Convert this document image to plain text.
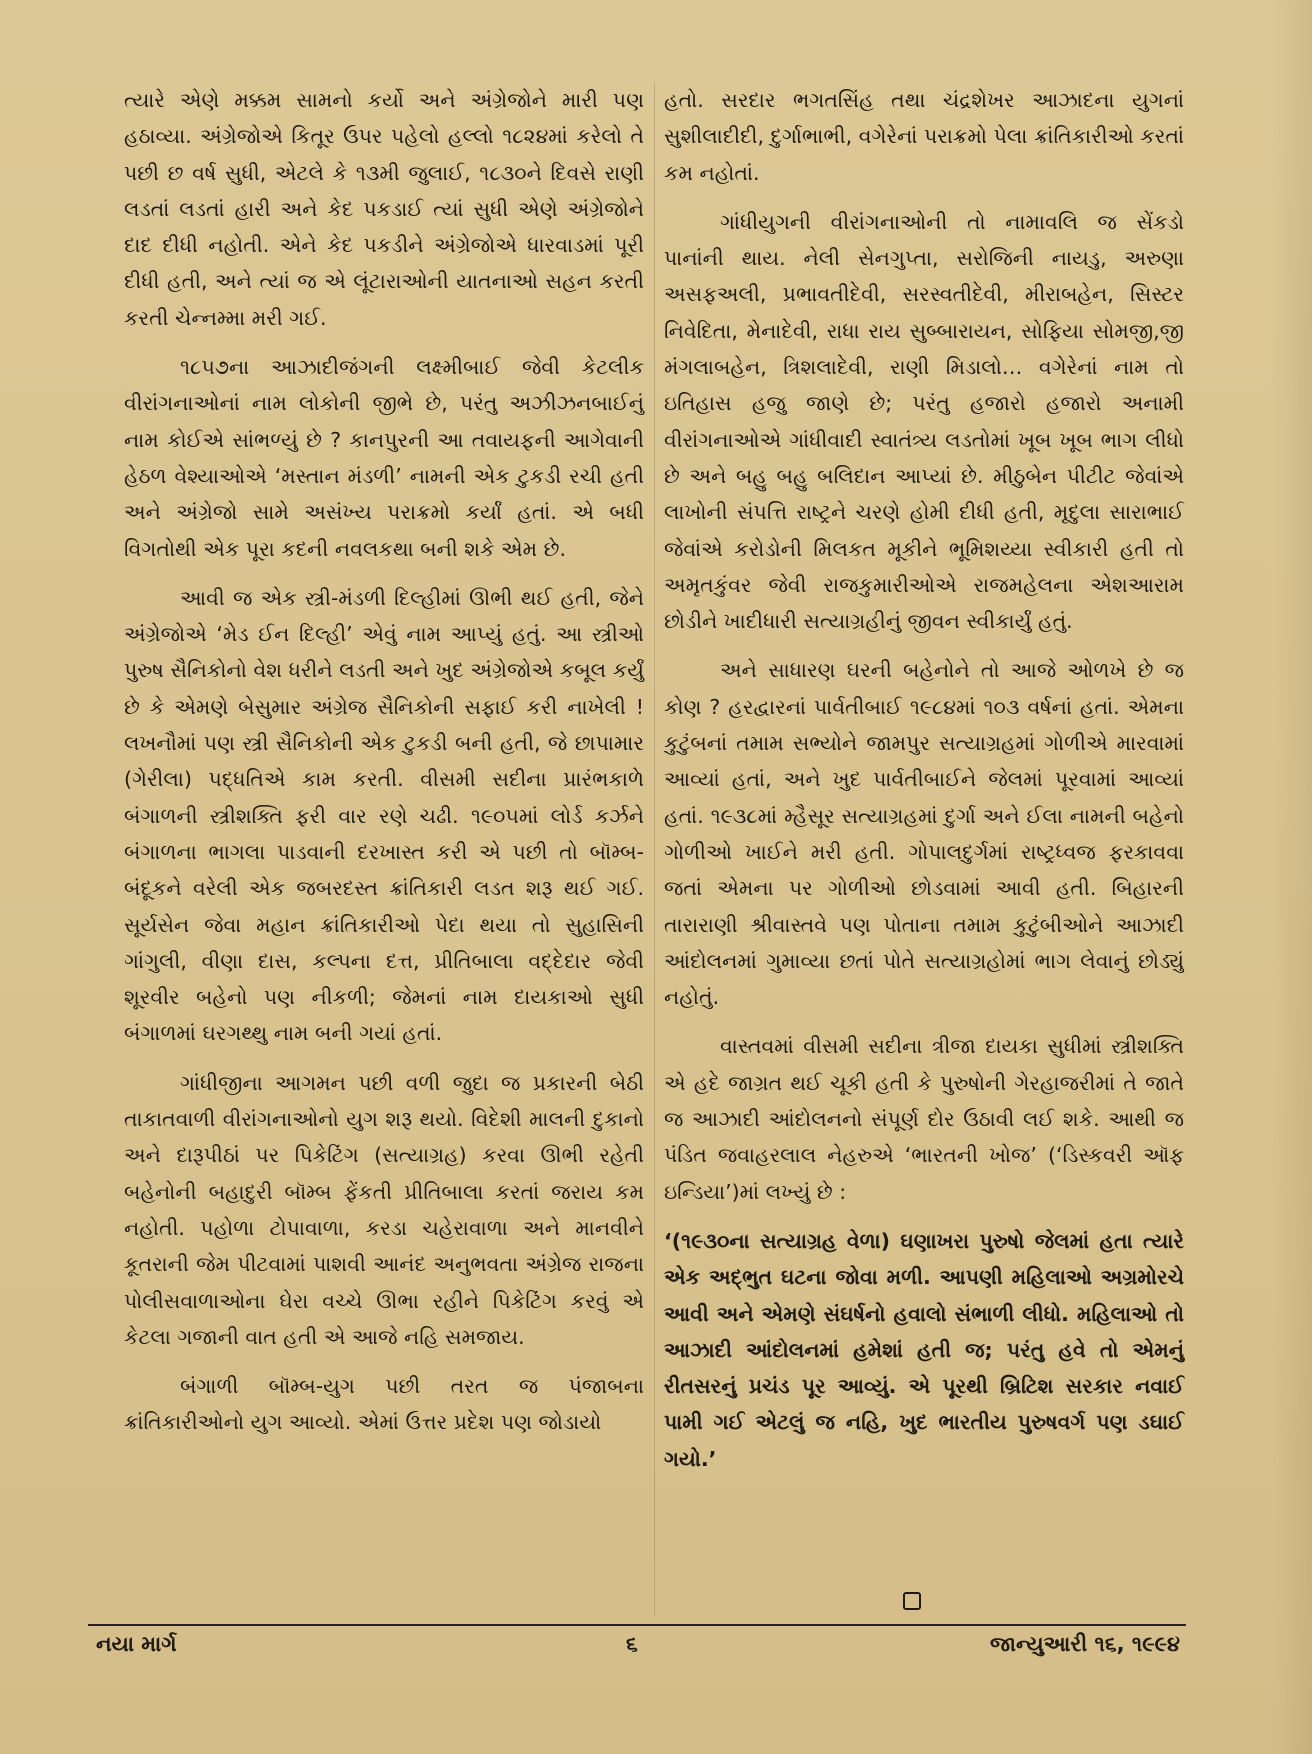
ત્યારે એણે મક્કમ સામનો કર્યો અને અંગ્રેજોને મારી પણ હઠાવ્યા. અંગ્રેજોએ કિતૂર ઉપર પહેલો હલ્લો ૧૮૨૪માં કરેલો તે પછી છ વર્ષ સુધી, એટલે કે ૧૩મી જુલાઈ, ૧૮૩૦ને દિવસે રાણી લડતાં લડતાં હારી અને કેદ પકડાઈ ત્યાં સુધી એણે અંગ્રેજોને દાદ દીધી નહોતી. એને કેદ પકડીને અંગ્રેજોએ ધારવાડમાં પૂરી દીધી હતી, અને ત્યાં જ એ લૂંટારાઓની યાતનાઓ સહન કરતી કરતી ચેન્નમ્મા મરી ગઈ.

૧૮૫૭ના આઝાદીજંગની લક્ષ્મીબાઈ જેવી કેટલીક વીરાંગનાઓનાં નામ લોકોની જીભે છે, પરંતુ અઝીઝનબાઈનું નામ કોઈએ સાંભળ્યું છે ? કાનપુરની આ તવાયફની આગેવાની હેઠળ વેશ્યાઓએ ‘મસ્તાન મંડળી’ નામની એક ટુકડી રચી હતી અને અંગ્રેજો સામે અસંખ્ય પરાક્રમો કર્યાં હતાં. એ બધી વિગતોથી એક પૂરા કદની નવલકથા બની શકે એમ છે.

આવી જ એક સ્ત્રી-મંડળી દિલ્હીમાં ઊભી થઈ હતી, જેને અંગ્રેજોએ ‘મેડ ઈન દિલ્હી’ એવું નામ આપ્યું હતું. આ સ્ત્રીઓ પુરુષ સૈનિકોનો વેશ ધરીને લડતી અને ખુદ અંગ્રેજોએ કબૂલ કર્યું છે કે એમણે બેસુમાર અંગ્રેજ સૈનિકોની સફાઈ કરી નાખેલી ! લખનૌમાં પણ સ્ત્રી સૈનિકોની એક ટુકડી બની હતી, જે છાપામાર (ગેરીલા) પદ્ધતિએ કામ કરતી. વીસમી સદીના પ્રારંભકાળે બંગાળની સ્ત્રીશક્તિ ફરી વાર રણે ચઢી. ૧૯૦૫માં લોર્ડ કર્ઝને બંગાળના ભાગલા પાડવાની દરખાસ્ત કરી એ પછી તો બૉમ્બ-બંદૂકને વરેલી એક જબરદસ્ત ક્રાંતિકારી લડત શરૂ થઈ ગઈ. સૂર્યસેન જેવા મહાન ક્રાંતિકારીઓ પેદા થયા તો સુહાસિની ગાંગુલી, વીણા દાસ, કલ્પના દત્ત, પ્રીતિબાલા વદ્દેદાર જેવી શૂરવીર બહેનો પણ નીકળી; જેમનાં નામ દાયકાઓ સુધી બંગાળમાં ઘરગથ્થુ નામ બની ગયાં હતાં.

ગાંધીજીના આગમન પછી વળી જુદા જ પ્રકારની બેઠી તાકાતવાળી વીરાંગનાઓનો યુગ શરૂ થયો. વિદેશી માલની દુકાનો અને દારૂપીઠાં પર પિકેટિંગ (સત્યાગ્રહ) કરવા ઊભી રહેતી બહેનોની બહાદુરી બૉમ્બ ફેંકતી પ્રીતિબાલા કરતાં જરાય કમ નહોતી. પહોળા ટોપાવાળા, કરડા ચહેરાવાળા અને માનવીને કૂતરાની જેમ પીટવામાં પાશવી આનંદ અનુભવતા અંગ્રેજ રાજના પોલીસવાળાઓના ઘેરા વચ્ચે ઊભા રહીને પિકેટિંગ કરવું એ કેટલા ગજાની વાત હતી એ આજે નહિ સમજાય.

બંગાળી બૉમ્બ-યુગ પછી તરત જ પંજાબના ક્રાંતિકારીઓનો યુગ આવ્યો. એમાં ઉત્તર પ્રદેશ પણ જોડાયો

હતો. સરદાર ભગતસિંહ તથા ચંદ્રશેખર આઝાદના યુગનાં સુશીલાદીદી, દુર્ગાભાભી, વગેરેનાં પરાક્રમો પેલા ક્રાંતિકારીઓ કરતાં કમ નહોતાં.

ગાંધીયુગની વીરાંગનાઓની તો નામાવલિ જ સેંકડો પાનાંની થાય. નેલી સેનગુપ્તા, સરોજિની નાયડુ, અરુણા અસફઅલી, પ્રભાવતીદેવી, સરસ્વતીદેવી, મીરાબહેન, સિસ્ટર નિવેદિતા, મેનાદેવી, રાધા રાય સુબ્બારાયન, સોફિયા સોમજી,જી મંગલાબહેન, ત્રિશલાદેવી, રાણી મિડાલો… વગેરેનાં નામ તો ઇતિહાસ હજુ જાણે છે; પરંતુ હજારો હજારો અનામી વીરાંગનાઓએ ગાંધીવાદી સ્વાતંત્ર્ય લડતોમાં ખૂબ ખૂબ ભાગ લીધો છે અને બહુ બહુ બલિદાન આપ્યાં છે. મીઠુબેન પીટીટ જેવાંએ લાખોની સંપત્તિ રાષ્ટ્રને ચરણે હોમી દીધી હતી, મૃદુલા સારાભાઈ જેવાંએ કરોડોની મિલકત મૂકીને ભૂમિશય્યા સ્વીકારી હતી તો અમૃતકુંવર જેવી રાજકુમારીઓએ રાજમહેલના એશઆરામ છોડીને ખાદીધારી સત્યાગ્રહીનું જીવન સ્વીકાર્યું હતું.

અને સાધારણ ઘરની બહેનોને તો આજે ઓળખે છે જ કોણ ? હરદ્વારનાં પાર્વતીબાઈ ૧૯૮૪માં ૧૦૩ વર્ષનાં હતાં. એમના કુટુંબનાં તમામ સભ્યોને જામપુર સત્યાગ્રહમાં ગોળીએ મારવામાં આવ્યાં હતાં, અને ખુદ પાર્વતીબાઈને જેલમાં પૂરવામાં આવ્યાં હતાં. ૧૯૩૮માં મ્હૈસૂર સત્યાગ્રહમાં દુર્ગા અને ઈલા નામની બહેનો ગોળીઓ ખાઈને મરી હતી. ગોપાલદુર્ગમાં રાષ્ટ્રધ્વજ ફરકાવવા જતાં એમના પર ગોળીઓ છોડવામાં આવી હતી. બિહારની તારારાણી શ્રીવાસ્તવે પણ પોતાના તમામ કુટુંબીઓને આઝાદી આંદોલનમાં ગુમાવ્યા છતાં પોતે સત્યાગ્રહોમાં ભાગ લેવાનું છોડ્યું નહોતું.

વાસ્તવમાં વીસમી સદીના ત્રીજા દાયકા સુધીમાં સ્ત્રીશક્તિ એ હદે જાગ્રત થઈ ચૂકી હતી કે પુરુષોની ગેરહાજરીમાં તે જાતે જ આઝાદી આંદોલનનો સંપૂર્ણ દોર ઉઠાવી લઈ શકે. આથી જ પંડિત જવાહરલાલ નેહરુએ ‘ભારતની ખોજ’ (‘ડિસ્કવરી ઑફ ઇન્ડિયા’)માં લખ્યું છે :

‘(૧૯૩૦ના સત્યાગ્રહ વેળા) ઘણાખરા પુરુષો જેલમાં હતા ત્યારે એક અદ્‌ભુત ઘટના જોવા મળી. આપણી મહિલાઓ અગ્રમોરચે આવી અને એમણે સંઘર્ષનો હવાલો સંભાળી લીધો. મહિલાઓ તો આઝાદી આંદોલનમાં હમેશાં હતી જ; પરંતુ હવે તો એમનું રીતસરનું પ્રચંડ પૂર આવ્યું. એ પૂરથી બ્રિટિશ સરકાર નવાઈ પામી ગઈ એટલું જ નહિ, ખુદ ભારતીય પુરુષવર્ગ પણ ડઘાઈ ગયો.’

નયા માર્ગ	૬	જાન્યુઆરી ૧૬, ૧૯૯૪
